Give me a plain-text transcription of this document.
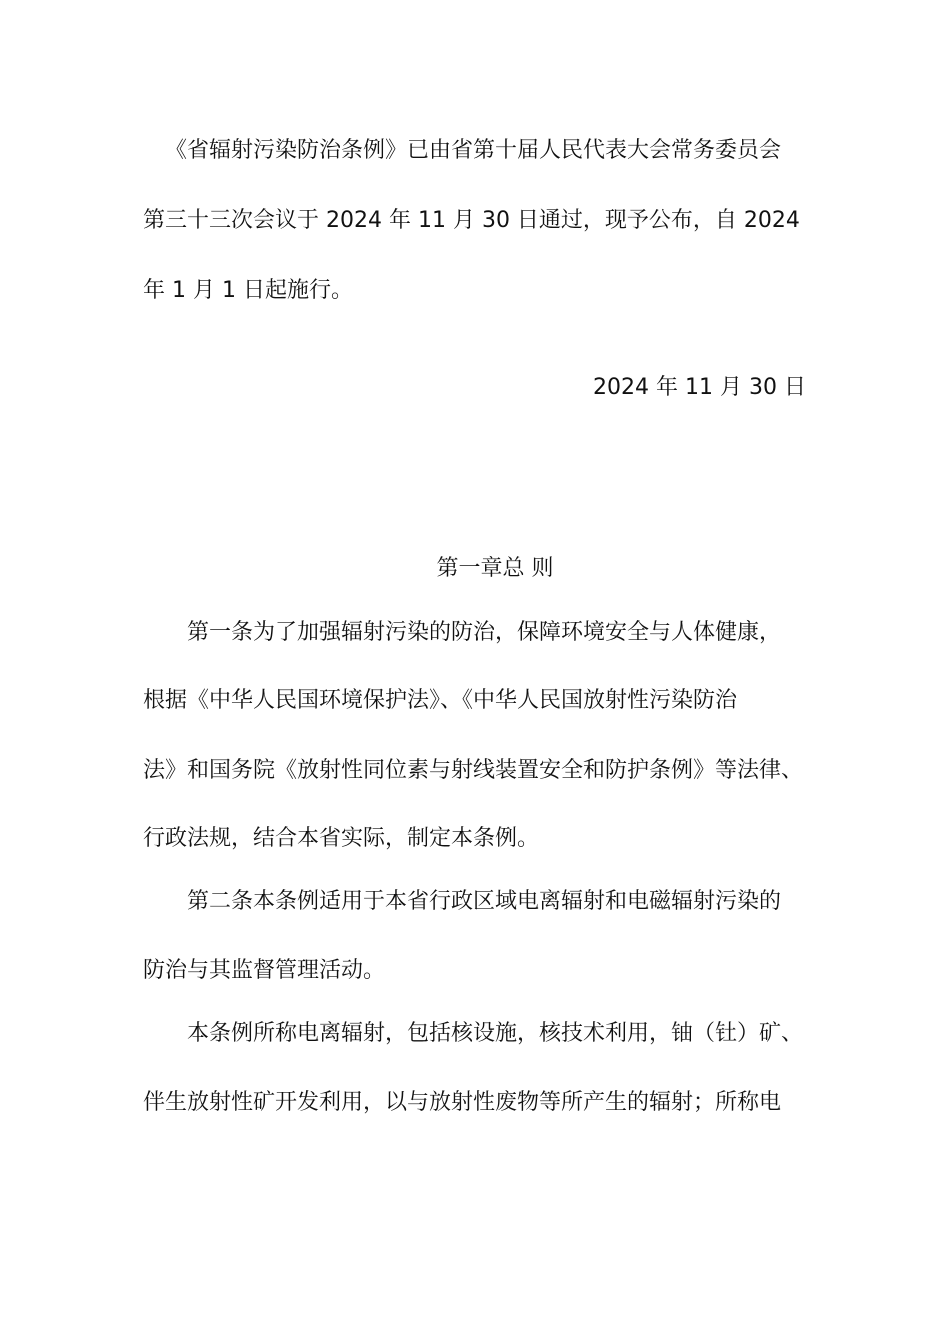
《省辐射污染防治条例》已由省第十届人民代表大会常务委员会

第三十三次会议于 2024 年 11 月 30 日通过，现予公布，自 2024

年 1 月 1 日起施行。

2024 年 11 月 30 日

第一章总 则

第一条为了加强辐射污染的防治，保障环境安全与人体健康，

根据《中华人民国环境保护法》、《中华人民国放射性污染防治

法》和国务院《放射性同位素与射线装置安全和防护条例》等法律、

行政法规，结合本省实际，制定本条例。

第二条本条例适用于本省行政区域电离辐射和电磁辐射污染的

防治与其监督管理活动。

本条例所称电离辐射，包括核设施，核技术利用，铀（钍）矿、

伴生放射性矿开发利用，以与放射性废物等所产生的辐射；所称电
